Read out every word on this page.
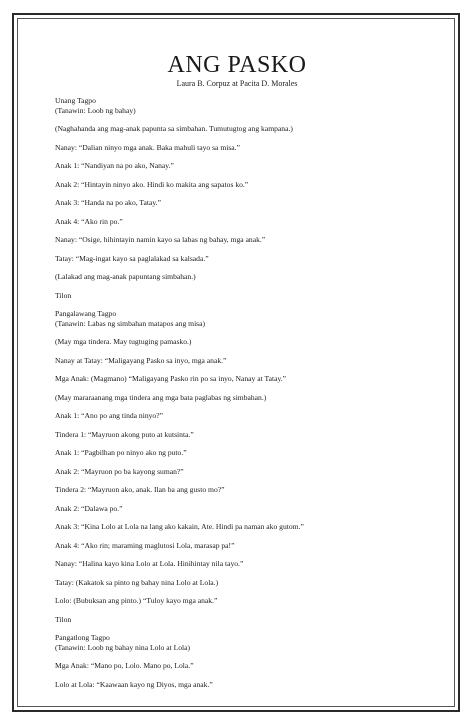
ANG PASKO
Laura B. Corpuz at Pacita D. Morales
Unang Tagpo
(Tanawin: Loob ng bahay)
(Naghahanda ang mag-anak papunta sa simbahan. Tumutugtog ang kampana.)
Nanay: “Dalian ninyo mga anak. Baka mahuli tayo sa misa.”
Anak 1: “Nandiyan na po ako, Nanay.”
Anak 2: “Hintayin ninyo ako. Hindi ko makita ang sapatos ko.”
Anak 3: “Handa na po ako, Tatay.”
Anak 4: “Ako rin po.”
Nanay: “Osige, hihintayin namin kayo sa labas ng bahay, mga anak.”
Tatay: “Mag-ingat kayo sa paglalakad sa kalsada.”
(Lalakad ang mag-anak papuntang simbahan.)
Tilon
Pangalawang Tagpo
(Tanawin: Labas ng simbahan matapos ang misa)
(May mga tindera. May tugtuging pamasko.)
Nanay at Tatay: “Maligayang Pasko sa inyo, mga anak.”
Mga Anak: (Magmano) “Maligayang Pasko rin po sa inyo, Nanay at Tatay.”
(May mararaanang mga tindera ang mga bata paglabas ng simbahan.)
Anak 1: “Ano po ang tinda ninyo?”
Tindera 1: “Mayruon akong puto at kutsinta.”
Anak 1: “Pagbilhan po ninyo ako ng puto.”
Anak 2: “Mayruon po ba kayong suman?”
Tindera 2: “Mayruon ako, anak. Ilan ba ang gusto mo?”
Anak 2: “Dalawa po.”
Anak 3: “Kina Lolo at Lola na lang ako kakain, Ate. Hindi pa naman ako gutom.”
Anak 4: “Ako rin; maraming maglutosi Lola, marasap pa!”
Nanay: “Halina kayo kina Lolo at Lola. Hinihintay nila tayo.”
Tatay: (Kakatok sa pinto ng bahay nina Lolo at Lola.)
Lolo: (Bubuksan ang pinto.) “Tuloy kayo mga anak.”
Tilon
Pangatlong Tagpo
(Tanawin: Loob ng bahay nina Lolo at Lola)
Mga Anak: “Mano po, Lolo. Mano po, Lola.”
Lolo at Lola: “Kaawaan kayo ng Diyos, mga anak.”
